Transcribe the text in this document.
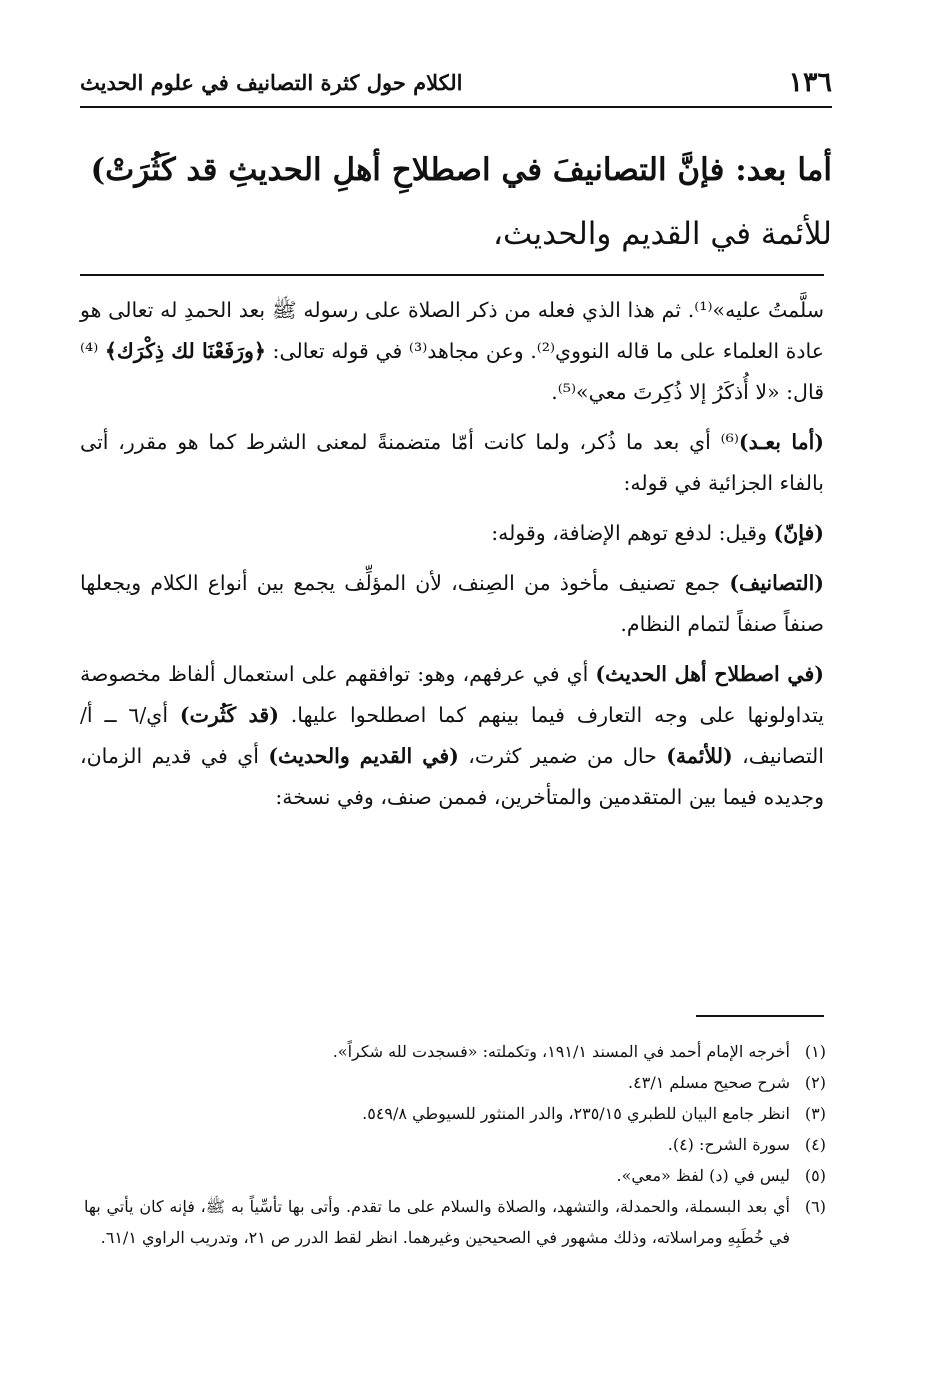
١٣٦
الكلام حول كثرة التصانيف في علوم الحديث
أما بعد: فإنَّ التصانيفَ في اصطلاحِ أهلِ الحديثِ قد كَثُرَتْ)
للأئمة في القديم والحديث،

سلَّمتُ عليه»⁽¹⁾. ثم هذا الذي فعله من ذكر الصلاة على رسوله ﷺ بعد الحمدِ له تعالى هو عادة العلماء على ما قاله النووي⁽²⁾. وعن مجاهد⁽³⁾ في قوله تعالى: ﴿ورَفَعْنَا لك ذِكْرَك﴾ ⁽⁴⁾ قال: «لا أُذكَرُ إلا ذُكِرتَ معي»⁽⁵⁾.

(أما بعـد)⁽⁶⁾ أي بعد ما ذُكر، ولما كانت أمّا متضمنةً لمعنى الشرط كما هو مقرر، أتى بالفاء الجزائية في قوله:

(فإنّ) وقيل: لدفع توهم الإضافة، وقوله:

(التصانيف) جمع تصنيف مأخوذ من الصِنف، لأن المؤلِّف يجمع بين أنواع الكلام ويجعلها صنفاً صنفاً لتمام النظام.

(في اصطلاح أهل الحديث) أي في عرفهم، وهو: توافقهم على استعمال ألفاظ مخصوصة يتداولونها على وجه التعارف فيما بينهم كما اصطلحوا عليها. (قد كَثُرت) أي/٦ ــ أ/ التصانيف، (للأئمة) حال من ضمير كثرت، (في القديم والحديث) أي في قديم الزمان، وجديده فيما بين المتقدمين والمتأخرين، فممن صنف، وفي نسخة:

(١)
أخرجه الإمام أحمد في المسند ١٩١/١، وتكملته: «فسجدت لله شكراً».
(٢)
شرح صحيح مسلم ٤٣/١.
(٣)
انظر جامع البيان للطبري ٢٣٥/١٥، والدر المنثور للسيوطي ٥٤٩/٨.
(٤)
سورة الشرح: (٤).
(٥)
ليس في (د) لفظ «معي».
(٦)
أي بعد البسملة، والحمدلة، والتشهد، والصلاة والسلام على ما تقدم. وأتى بها تأسِّياً به ﷺ، فإنه كان يأتي بها في خُطَبِهِ ومراسلاته، وذلك مشهور في الصحيحين وغيرهما. انظر لقط الدرر ص ٢١، وتدريب الراوي ٦١/١.
